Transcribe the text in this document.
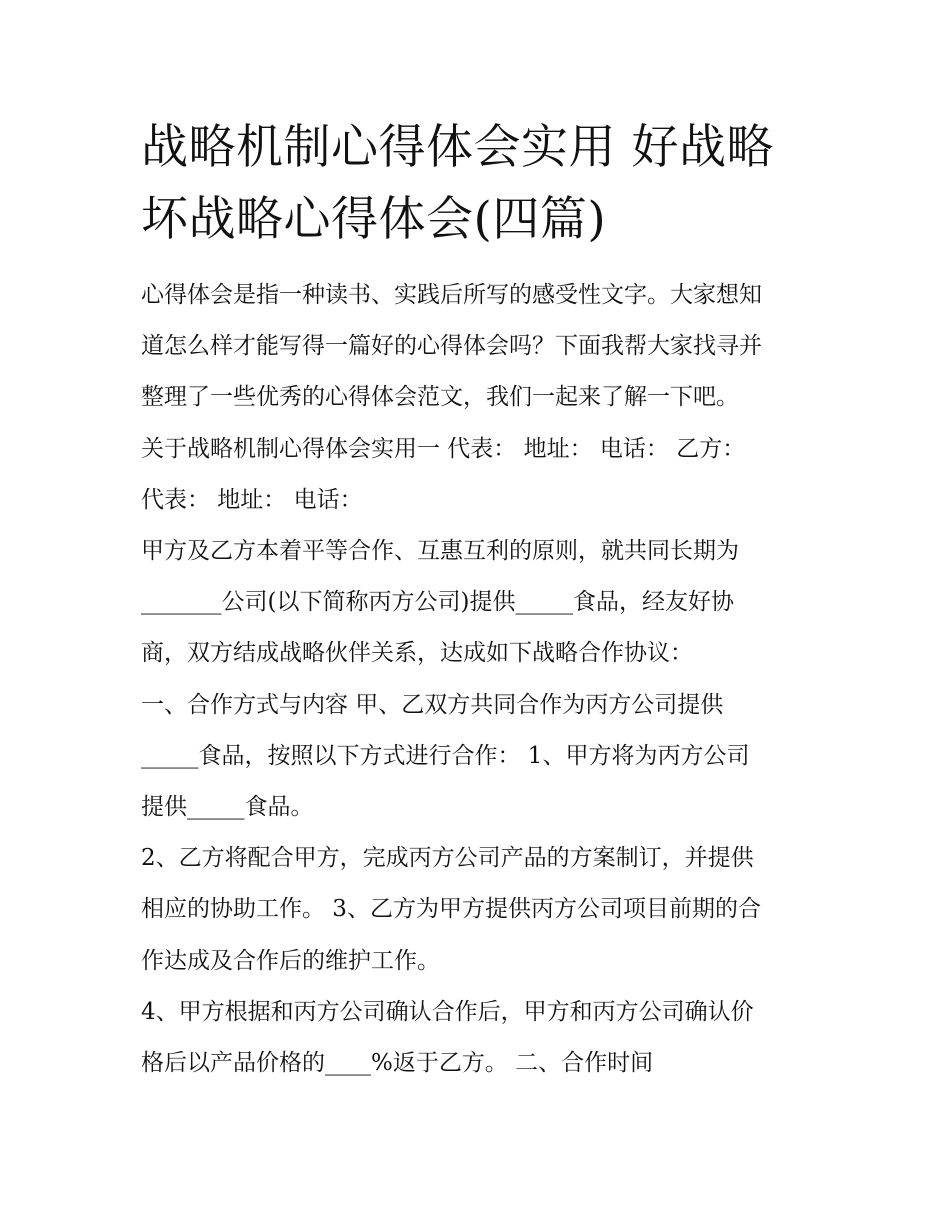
战略机制心得体会实用 好战略
坏战略心得体会(四篇)

心得体会是指一种读书、实践后所写的感受性文字。大家想知
道怎么样才能写得一篇好的心得体会吗？下面我帮大家找寻并
整理了一些优秀的心得体会范文，我们一起来了解一下吧。

关于战略机制心得体会实用一 代表： 地址： 电话： 乙方：
代表： 地址： 电话：

甲方及乙方本着平等合作、互惠互利的原则，就共同长期为
_______公司(以下简称丙方公司)提供_____食品，经友好协
商，双方结成战略伙伴关系，达成如下战略合作协议：

一、合作方式与内容 甲、乙双方共同合作为丙方公司提供
_____食品，按照以下方式进行合作： 1、甲方将为丙方公司
提供_____食品。

2、乙方将配合甲方，完成丙方公司产品的方案制订，并提供
相应的协助工作。 3、乙方为甲方提供丙方公司项目前期的合
作达成及合作后的维护工作。

4、甲方根据和丙方公司确认合作后，甲方和丙方公司确认价
格后以产品价格的____%返于乙方。 二、合作时间
